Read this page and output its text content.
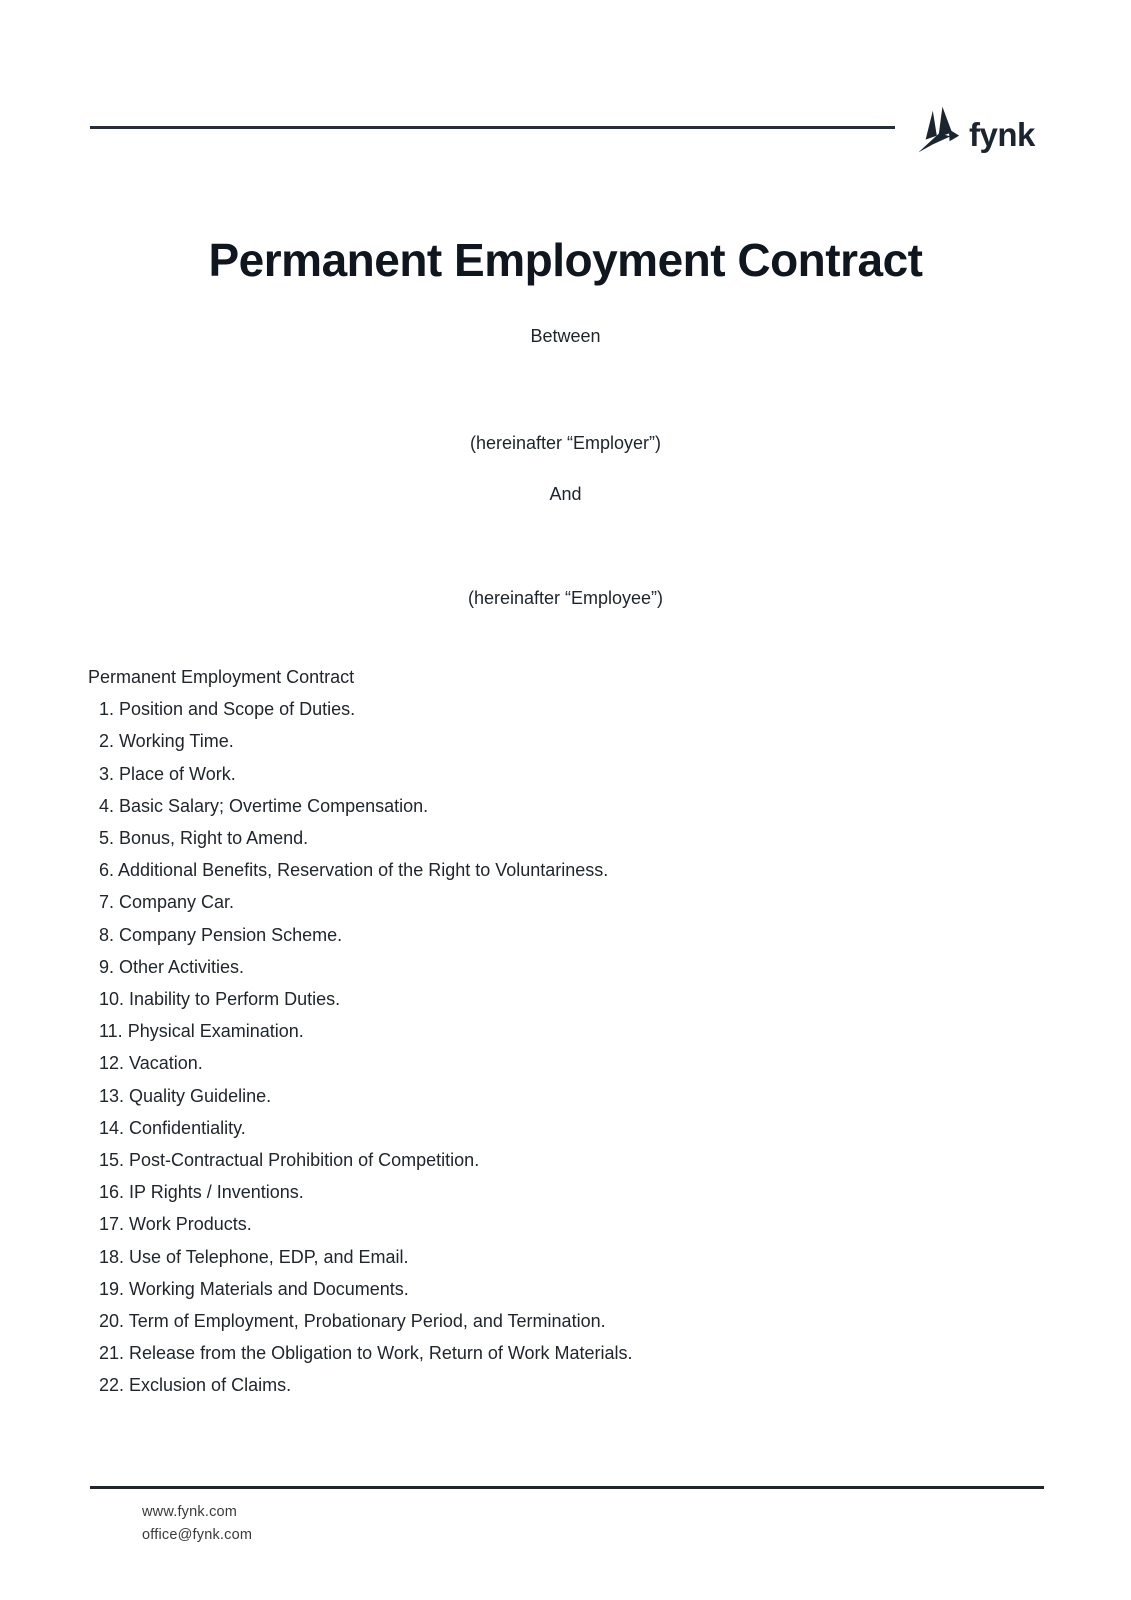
fynk
Permanent Employment Contract

Between

(hereinafter “Employer”)

And

(hereinafter “Employee”)

Permanent Employment Contract

1. Position and Scope of Duties.
2. Working Time.
3. Place of Work.
4. Basic Salary; Overtime Compensation.
5. Bonus, Right to Amend.
6. Additional Benefits, Reservation of the Right to Voluntariness.
7. Company Car.
8. Company Pension Scheme.
9. Other Activities.
10. Inability to Perform Duties.
11. Physical Examination.
12. Vacation.
13. Quality Guideline.
14. Confidentiality.
15. Post-Contractual Prohibition of Competition.
16. IP Rights / Inventions.
17. Work Products.
18. Use of Telephone, EDP, and Email.
19. Working Materials and Documents.
20. Term of Employment, Probationary Period, and Termination.
21. Release from the Obligation to Work, Return of Work Materials.
22. Exclusion of Claims.
www.fynk.com
office@fynk.com
